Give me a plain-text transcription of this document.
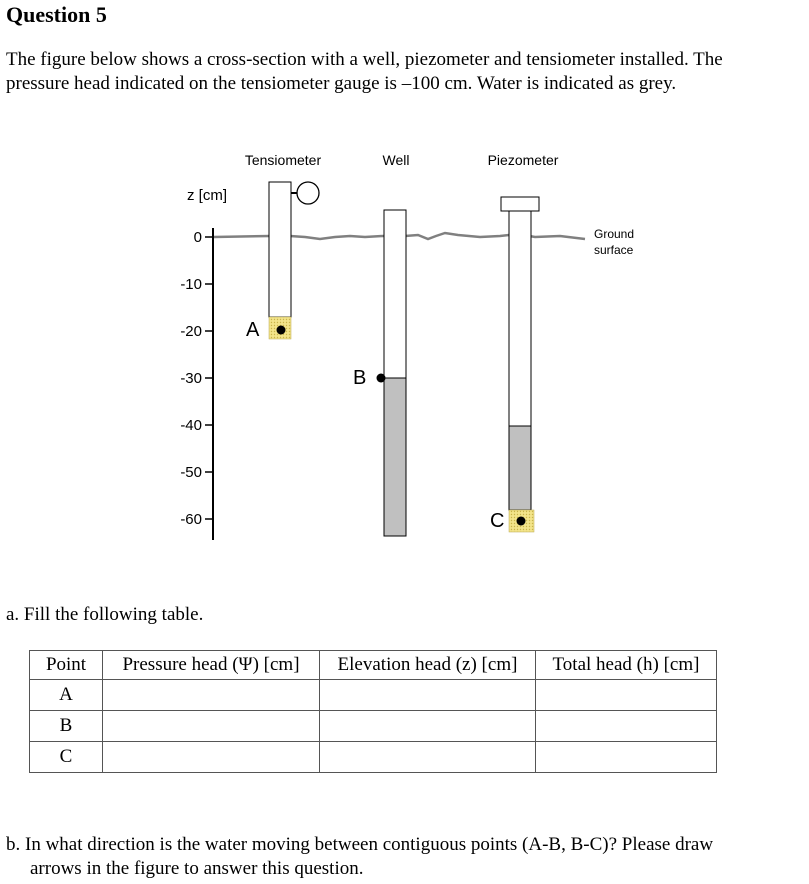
Question 5
The figure below shows a cross-section with a well, piezometer and tensiometer installed. The
pressure head indicated on the tensiometer gauge is –100 cm. Water is indicated as grey.
Tensiometer	Well	Piezometer
z [cm]
0
-10
-20
-30
-40
-50
-60
Ground
surface
A
B
C
a. Fill the following table.
Point	Pressure head (Ψ) [cm]	Elevation head (z) [cm]	Total head (h) [cm]
A			
B			
C			
b. In what direction is the water moving between contiguous points (A-B, B-C)? Please draw
arrows in the figure to answer this question.
